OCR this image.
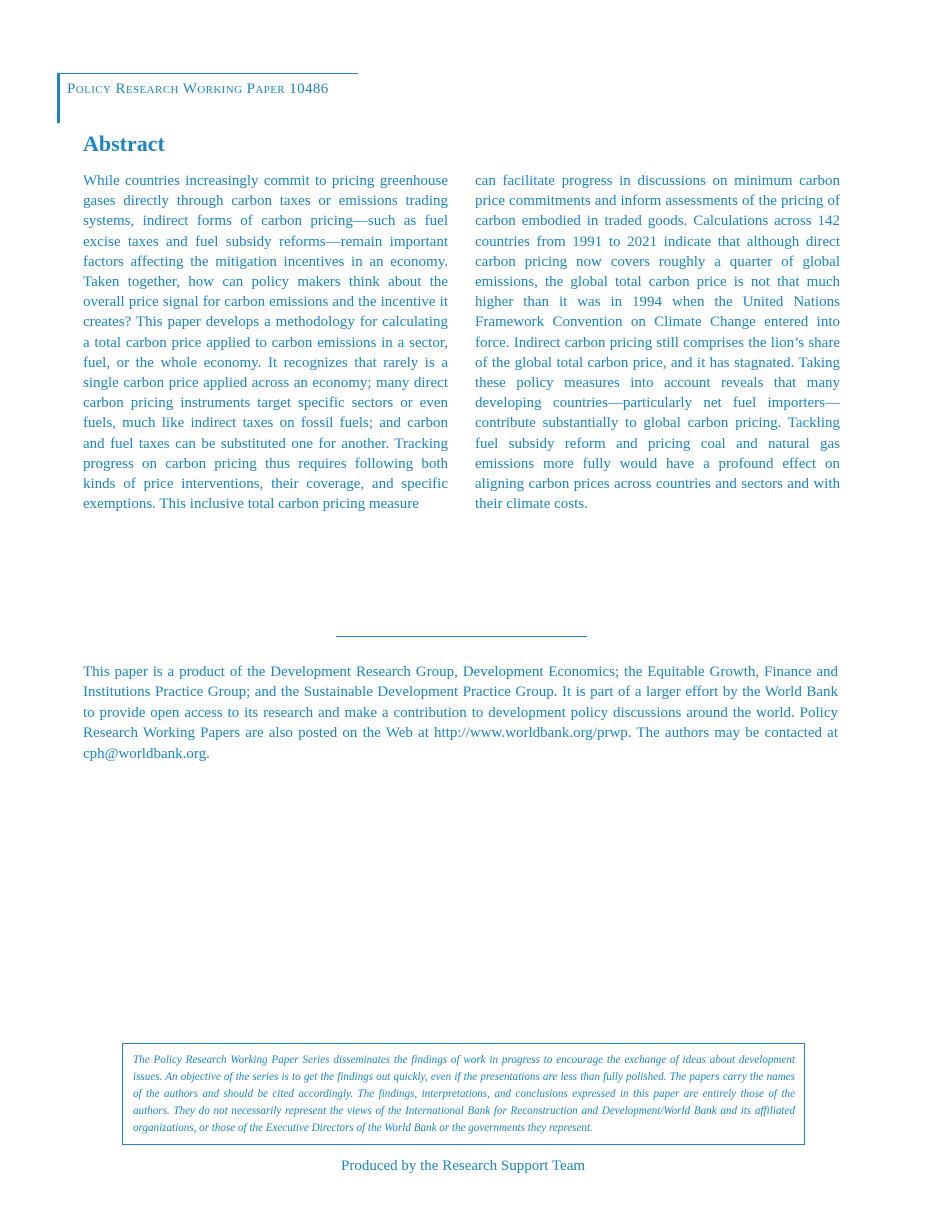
Policy Research Working Paper 10486
Abstract

While countries increasingly commit to pricing greenhouse gases directly through carbon taxes or emissions trading systems, indirect forms of carbon pricing—such as fuel excise taxes and fuel subsidy reforms—remain important factors affecting the mitigation incentives in an economy. Taken together, how can policy makers think about the overall price signal for carbon emissions and the incentive it creates? This paper develops a methodology for calculating a total carbon price applied to carbon emissions in a sector, fuel, or the whole economy. It recognizes that rarely is a single carbon price applied across an economy; many direct carbon pricing instruments target specific sectors or even fuels, much like indirect taxes on fossil fuels; and carbon and fuel taxes can be substituted one for another. Tracking progress on carbon pricing thus requires following both kinds of price interventions, their coverage, and specific exemptions. This inclusive total carbon pricing measure

can facilitate progress in discussions on minimum carbon price commitments and inform assessments of the pricing of carbon embodied in traded goods. Calculations across 142 countries from 1991 to 2021 indicate that although direct carbon pricing now covers roughly a quarter of global emissions, the global total carbon price is not that much higher than it was in 1994 when the United Nations Framework Convention on Climate Change entered into force. Indirect carbon pricing still comprises the lion’s share of the global total carbon price, and it has stagnated. Taking these policy measures into account reveals that many developing countries—particularly net fuel importers—contribute substantially to global carbon pricing. Tackling fuel subsidy reform and pricing coal and natural gas emissions more fully would have a profound effect on aligning carbon prices across countries and sectors and with their climate costs.

This paper is a product of the Development Research Group, Development Economics; the Equitable Growth, Finance and Institutions Practice Group; and the Sustainable Development Practice Group. It is part of a larger effort by the World Bank to provide open access to its research and make a contribution to development policy discussions around the world. Policy Research Working Papers are also posted on the Web at http://www.worldbank.org/prwp. The authors may be contacted at cph@worldbank.org.

The Policy Research Working Paper Series disseminates the findings of work in progress to encourage the exchange of ideas about development issues. An objective of the series is to get the findings out quickly, even if the presentations are less than fully polished. The papers carry the names of the authors and should be cited accordingly. The findings, interpretations, and conclusions expressed in this paper are entirely those of the authors. They do not necessarily represent the views of the International Bank for Reconstruction and Development/World Bank and its affiliated organizations, or those of the Executive Directors of the World Bank or the governments they represent.

Produced by the Research Support Team
